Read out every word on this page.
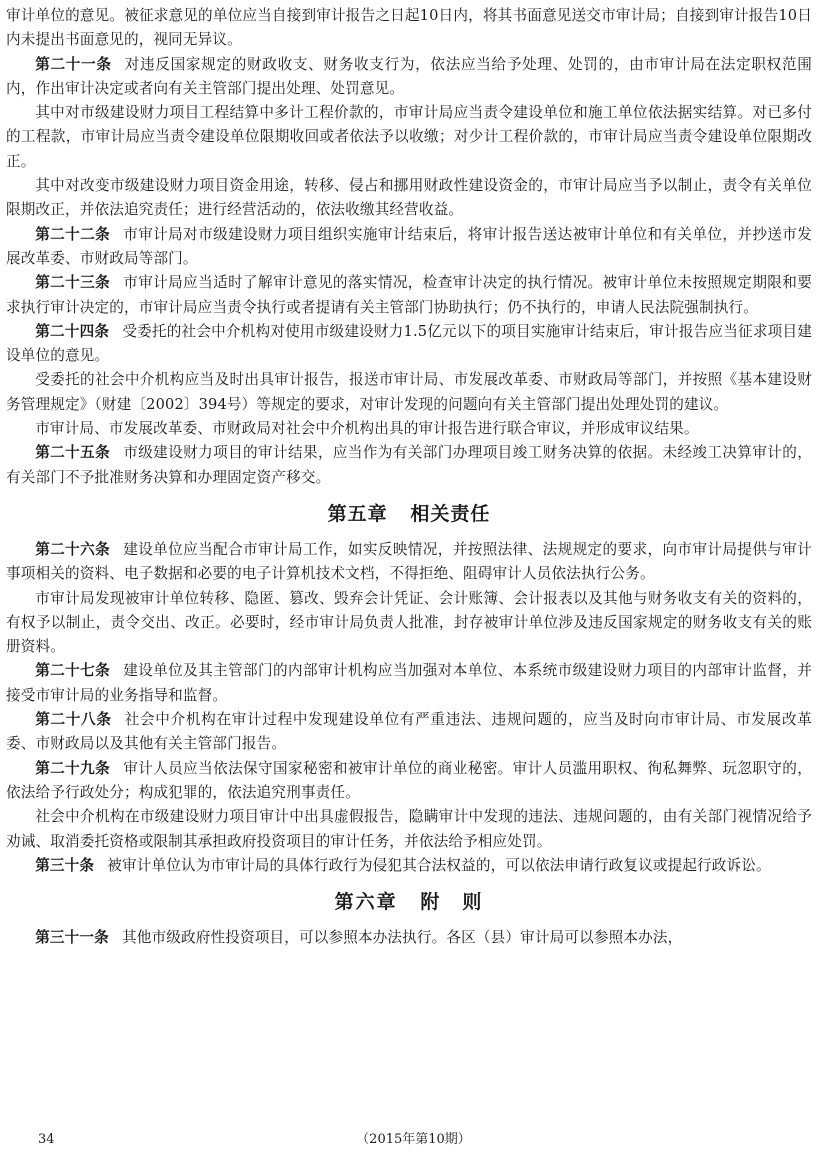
审计单位的意见。被征求意见的单位应当自接到审计报告之日起10日内，将其书面意见送交市审计局；自接到审计报告10日内未提出书面意见的，视同无异议。

第二十一条 对违反国家规定的财政收支、财务收支行为，依法应当给予处理、处罚的，由市审计局在法定职权范围内，作出审计决定或者向有关主管部门提出处理、处罚意见。

其中对市级建设财力项目工程结算中多计工程价款的，市审计局应当责令建设单位和施工单位依法据实结算。对已多付的工程款，市审计局应当责令建设单位限期收回或者依法予以收缴；对少计工程价款的，市审计局应当责令建设单位限期改正。

其中对改变市级建设财力项目资金用途，转移、侵占和挪用财政性建设资金的，市审计局应当予以制止，责令有关单位限期改正，并依法追究责任；进行经营活动的，依法收缴其经营收益。

第二十二条 市审计局对市级建设财力项目组织实施审计结束后，将审计报告送达被审计单位和有关单位，并抄送市发展改革委、市财政局等部门。

第二十三条 市审计局应当适时了解审计意见的落实情况，检查审计决定的执行情况。被审计单位未按照规定期限和要求执行审计决定的，市审计局应当责令执行或者提请有关主管部门协助执行；仍不执行的，申请人民法院强制执行。

第二十四条 受委托的社会中介机构对使用市级建设财力1.5亿元以下的项目实施审计结束后，审计报告应当征求项目建设单位的意见。

受委托的社会中介机构应当及时出具审计报告，报送市审计局、市发展改革委、市财政局等部门，并按照《基本建设财务管理规定》（财建〔2002〕394号）等规定的要求，对审计发现的问题向有关主管部门提出处理处罚的建议。

市审计局、市发展改革委、市财政局对社会中介机构出具的审计报告进行联合审议，并形成审议结果。

第二十五条 市级建设财力项目的审计结果，应当作为有关部门办理项目竣工财务决算的依据。未经竣工决算审计的，有关部门不予批准财务决算和办理固定资产移交。

第五章 相关责任

第二十六条 建设单位应当配合市审计局工作，如实反映情况，并按照法律、法规规定的要求，向市审计局提供与审计事项相关的资料、电子数据和必要的电子计算机技术文档，不得拒绝、阻碍审计人员依法执行公务。

市审计局发现被审计单位转移、隐匿、篡改、毁弃会计凭证、会计账簿、会计报表以及其他与财务收支有关的资料的，有权予以制止，责令交出、改正。必要时，经市审计局负责人批准，封存被审计单位涉及违反国家规定的财务收支有关的账册资料。

第二十七条 建设单位及其主管部门的内部审计机构应当加强对本单位、本系统市级建设财力项目的内部审计监督，并接受市审计局的业务指导和监督。

第二十八条 社会中介机构在审计过程中发现建设单位有严重违法、违规问题的，应当及时向市审计局、市发展改革委、市财政局以及其他有关主管部门报告。

第二十九条 审计人员应当依法保守国家秘密和被审计单位的商业秘密。审计人员滥用职权、徇私舞弊、玩忽职守的，依法给予行政处分；构成犯罪的，依法追究刑事责任。

社会中介机构在市级建设财力项目审计中出具虚假报告，隐瞒审计中发现的违法、违规问题的，由有关部门视情况给予劝诫、取消委托资格或限制其承担政府投资项目的审计任务，并依法给予相应处罚。

第三十条 被审计单位认为市审计局的具体行政行为侵犯其合法权益的，可以依法申请行政复议或提起行政诉讼。

第六章 附　则

第三十一条 其他市级政府性投资项目，可以参照本办法执行。各区（县）审计局可以参照本办法，

34	（2015年第10期）
